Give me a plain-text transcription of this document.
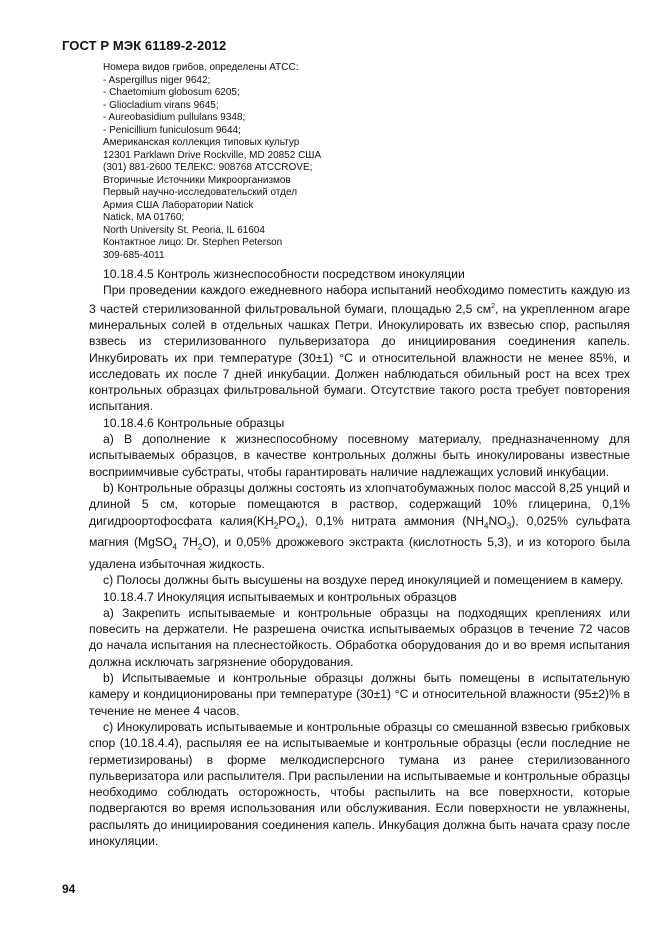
ГОСТ Р МЭК 61189-2-2012
Номера видов грибов, определены АТСС:
- Aspergillus niger 9642;
- Chaetomium globosum 6205;
- Gliocladium virans 9645;
- Aureobasidium pullulans 9348;
- Penicillium funiculosum 9644;
Американская коллекция типовых культур
12301 Parklawn Drive Rockville, MD 20852 США
(301) 881-2600 ТЕЛЕКС: 908768 ATCCROVE;
Вторичные Источники Микроорганизмов
Первый научно-исследовательский отдел
Армия США Лаборатории Natick
Natick, MA 01760;
North University St. Peoria, IL 61604
Контактное лицо: Dr. Stephen Peterson
309-685-4011

10.18.4.5 Контроль жизнеспособности посредством инокуляции

При проведении каждого ежедневного набора испытаний необходимо поместить каждую из 3 частей стерилизованной фильтровальной бумаги, площадью 2,5 $см^2$, на укрепленном агаре минеральных солей в отдельных чашках Петри. Инокулировать их взвесью спор, распыляя взвесь из стерилизованного пульверизатора до инициирования соединения капель. Инкубировать их при температуре (30±1) °С и относительной влажности не менее 85%, и исследовать их после 7 дней инкубации. Должен наблюдаться обильный рост на всех трех контрольных образцах фильтровальной бумаги. Отсутствие такого роста требует повторения испытания.

10.18.4.6 Контрольные образцы

а) В дополнение к жизнеспособному посевному материалу, предназначенному для испытываемых образцов, в качестве контрольных должны быть инокулированы известные восприимчивые субстраты, чтобы гарантировать наличие надлежащих условий инкубации.

b) Контрольные образцы должны состоять из хлопчатобумажных полос массой 8,25 унций и длиной 5 см, которые помещаются в раствор, содержащий 10% глицерина, 0,1% дигидроортофосфата $калия(KH_2PO_4)$, 0,1% нитрата аммония $(NH_4NO_3)$, 0,025% сульфата магния (MgSO$_4$ $7H_2O$), и 0,05% дрожжевого экстракта (кислотность 5,3), и из которого была удалена избыточная жидкость.

с) Полосы должны быть высушены на воздухе перед инокуляцией и помещением в камеру.

10.18.4.7 Инокуляция испытываемых и контрольных образцов

а) Закрепить испытываемые и контрольные образцы на подходящих креплениях или повесить на держатели. Не разрешена очистка испытываемых образцов в течение 72 часов до начала испытания на плеснестойкость. Обработка оборудования до и во время испытания должна исключать загрязнение оборудования.

b) Испытываемые и контрольные образцы должны быть помещены в испытательную камеру и кондиционированы при температуре (30±1) °С и относительной влажности (95±2)% в течение не менее 4 часов.

с) Инокулировать испытываемые и контрольные образцы со смешанной взвесью грибковых спор (10.18.4.4), распыляя ее на испытываемые и контрольные образцы (если последние не герметизированы) в форме мелкодисперсного тумана из ранее стерилизованного пульверизатора или распылителя. При распылении на испытываемые и контрольные образцы необходимо соблюдать осторожность, чтобы распылить на все поверхности, которые подвергаются во время использования или обслуживания. Если поверхности не увлажнены, распылять до инициирования соединения капель. Инкубация должна быть начата сразу после инокуляции.

94
